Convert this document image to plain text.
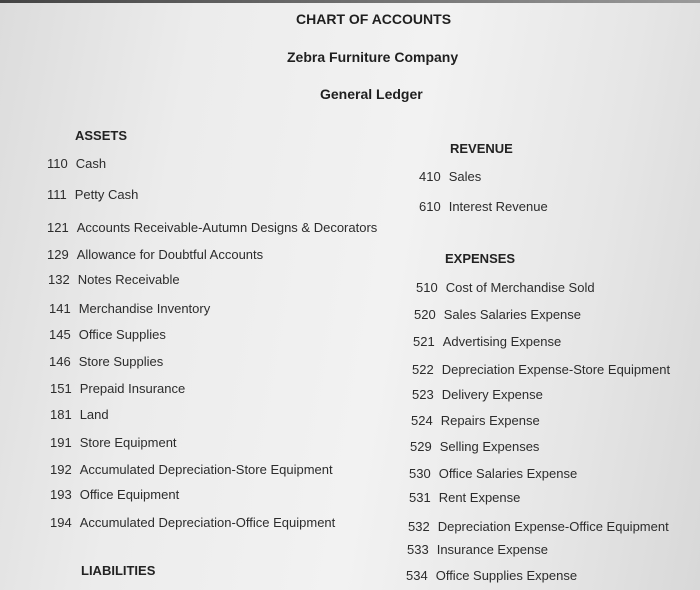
CHART OF ACCOUNTS
Zebra Furniture Company
General Ledger
ASSETS
REVENUE
EXPENSES
LIABILITIES
110 Cash
111 Petty Cash
121 Accounts Receivable-Autumn Designs & Decorators
129 Allowance for Doubtful Accounts
132 Notes Receivable
141 Merchandise Inventory
145 Office Supplies
146 Store Supplies
151 Prepaid Insurance
181 Land
191 Store Equipment
192 Accumulated Depreciation-Store Equipment
193 Office Equipment
194 Accumulated Depreciation-Office Equipment
410 Sales
610 Interest Revenue
510 Cost of Merchandise Sold
520 Sales Salaries Expense
521 Advertising Expense
522 Depreciation Expense-Store Equipment
523 Delivery Expense
524 Repairs Expense
529 Selling Expenses
530 Office Salaries Expense
531 Rent Expense
532 Depreciation Expense-Office Equipment
533 Insurance Expense
534 Office Supplies Expense
